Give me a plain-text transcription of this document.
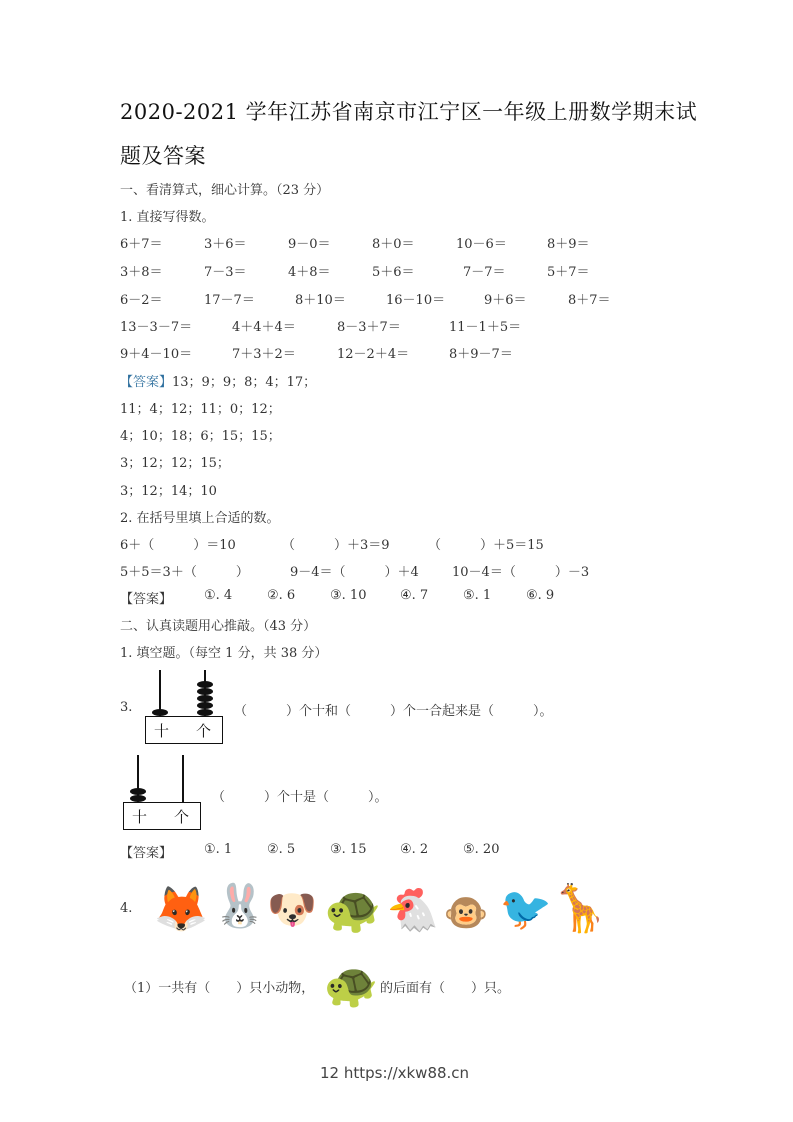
2020-2021 学年江苏省南京市江宁区一年级上册数学期末试
题及答案
一、看清算式，细心计算。（23 分）
1. 直接写得数。
6＋7＝	3＋6＝	9－0＝	8＋0＝	10－6＝	8＋9＝
3＋8＝	7－3＝	4＋8＝	5＋6＝	7－7＝	5＋7＝
6－2＝	17－7＝	8＋10＝	16－10＝	9＋6＝	8＋7＝
13－3－7＝	4＋4＋4＝	8－3＋7＝	11－1＋5＝
9＋4－10＝	7＋3＋2＝	12－2＋4＝	8＋9－7＝
【答案】13；9；9；8；4；17；
11；4；12；11；0；12；
4；10；18；6；15；15；
3；12；12；15；
3；12；14；10
2. 在括号里填上合适的数。
6＋（　　　）＝10	（　　　）＋3＝9	（　　　）＋5＝15
5＋5＝3＋（　　　）	9－4＝（　　　）＋4	10－4＝（　　　）－3
【答案】 ①. 4	②. 6	③. 10	④. 7	⑤. 1	⑥. 9
二、认真读题用心推敲。（43 分）
1. 填空题。（每空 1 分，共 38 分）
3.
十 个
（　　　）个十和（　　　）个一合起来是（　　　）。
十 个
（　　　）个十是（　　　）。
【答案】 ①. 1	②. 5	③. 15	④. 2	⑤. 20
4. 🦊 🐰 🐶 🐢 🐔 🐵 🐦 🦒
（1）一共有（　　）只小动物， 🐢 的后面有（　　）只。
12 https://xkw88.cn
